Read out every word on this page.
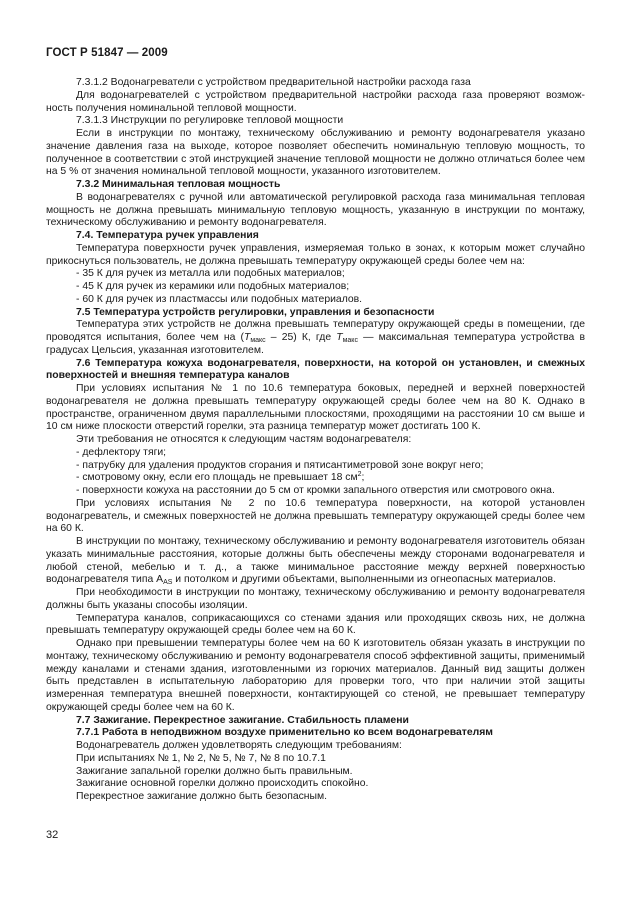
ГОСТ Р 51847 — 2009

7.3.1.2 Водонагреватели с устройством предварительной настройки расхода газа

Для водонагревателей с устройством предварительной настройки расхода газа проверяют возмож-

ность получения номинальной тепловой мощности.

7.3.1.3 Инструкции по регулировке тепловой мощности

Если в инструкции по монтажу, техническому обслуживанию и ремонту водонагревателя указано значение давления газа на выходе, которое позволяет обеспечить номинальную тепловую мощность, то полученное в соответствии с этой инструкцией значение тепловой мощности не должно отличаться более чем на 5 % от значения номинальной тепловой мощности, указанного изготовителем.

7.3.2 Минимальная тепловая мощность

В водонагревателях с ручной или автоматической регулировкой расхода газа минимальная тепловая мощность не должна превышать минимальную тепловую мощность, указанную в инструкции по монтажу, техническому обслуживанию и ремонту водонагревателя.

7.4. Температура ручек управления

Температура поверхности ручек управления, измеряемая только в зонах, к которым может случайно прикоснуться пользователь, не должна превышать температуру окружающей среды более чем на:

- 35 К для ручек из металла или подобных материалов;

- 45 К для ручек из керамики или подобных материалов;

- 60 К для ручек из пластмассы или подобных материалов.

7.5 Температура устройств регулировки, управления и безопасности

Температура этих устройств не должна превышать температуру окружающей среды в помещении, где проводятся испытания, более чем на $(T_{макс} - 25)$ К, где $T_{макс}$ — максимальная температура устройства в градусах Цельсия, указанная изготовителем.

7.6 Температура кожуха водонагревателя, поверхности, на которой он установлен, и смежных поверхностей и внешняя температура каналов

При условиях испытания № 1 по 10.6 температура боковых, передней и верхней поверхностей водонагревателя не должна превышать температуру окружающей среды более чем на 80 К. Однако в пространстве, ограниченном двумя параллельными плоскостями, проходящими на расстоянии 10 см выше и 10 см ниже плоскости отверстий горелки, эта разница температур может достигать 100 К.

Эти требования не относятся к следующим частям водонагревателя:

- дефлектору тяги;

- патрубку для удаления продуктов сгорания и пятисантиметровой зоне вокруг него;

- смотровому окну, если его площадь не превышает 18 $см^2$;

- поверхности кожуха на расстоянии до 5 см от кромки запального отверстия или смотрового окна.

При условиях испытания № 2 по 10.6 температура поверхности, на которой установлен водонагреватель, и смежных поверхностей не должна превышать температуру окружающей среды более чем на 60 К.

В инструкции по монтажу, техническому обслуживанию и ремонту водонагревателя изготовитель обязан указать минимальные расстояния, которые должны быть обеспечены между сторонами водонагревателя и любой стеной, мебелью и т. д., а также минимальное расстояние между верхней поверхностью водонагревателя типа $А_{AS}$ и потолком и другими объектами, выполненными из огнеопасных материалов.

При необходимости в инструкции по монтажу, техническому обслуживанию и ремонту водонагревателя должны быть указаны способы изоляции.

Температура каналов, соприкасающихся со стенами здания или проходящих сквозь них, не должна превышать температуру окружающей среды более чем на 60 К.

Однако при превышении температуры более чем на 60 К изготовитель обязан указать в инструкции по монтажу, техническому обслуживанию и ремонту водонагревателя способ эффективной защиты, применимый между каналами и стенами здания, изготовленными из горючих материалов. Данный вид защиты должен быть представлен в испытательную лабораторию для проверки того, что при наличии этой защиты измеренная температура внешней поверхности, контактирующей со стеной, не превышает температуру окружающей среды более чем на 60 К.

7.7 Зажигание. Перекрестное зажигание. Стабильность пламени

7.7.1 Работа в неподвижном воздухе применительно ко всем водонагревателям

Водонагреватель должен удовлетворять следующим требованиям:

При испытаниях № 1, № 2, № 5, № 7, № 8 по 10.7.1

Зажигание запальной горелки должно быть правильным.

Зажигание основной горелки должно происходить спокойно.

Перекрестное зажигание должно быть безопасным.

32
